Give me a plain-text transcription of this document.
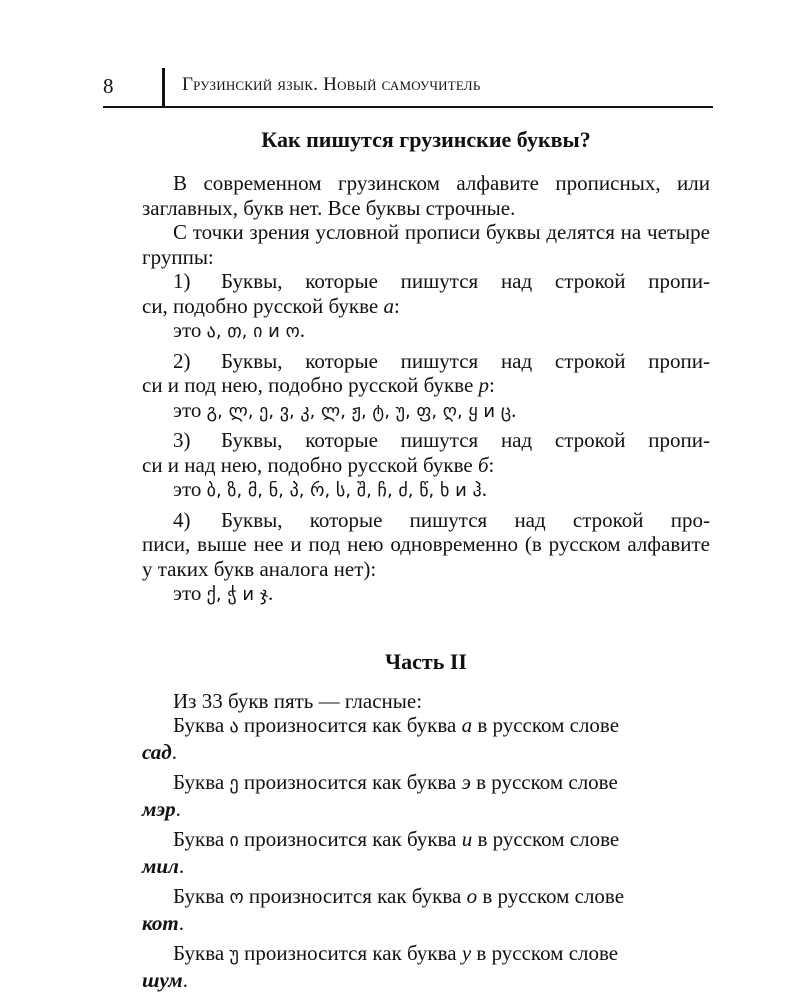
8	Грузинский язык. Новый самоучитель
Как пишутся грузинские буквы?

В современном грузинском алфавите прописных, или заглавных, букв нет. Все буквы строчные.

С точки зрения условной прописи буквы делятся на четыре группы:

1) Буквы, которые пишутся над строкой пропи-

си, подобно русской букве а:

это ა, თ, ი и ო.

2) Буквы, которые пишутся над строкой пропи-

си и под нею, подобно русской букве р:

это გ, ლ, ე, ვ, კ, ლ, ჟ, ტ, უ, ფ, ღ, ყ и ც.

3) Буквы, которые пишутся над строкой пропи-

си и над нею, подобно русской букве б:

это ბ, ზ, მ, ნ, პ, რ, ს, შ, ჩ, ძ, წ, ხ и ჰ.

4) Буквы, которые пишутся над строкой про-

писи, выше нее и под нею одновременно (в русском алфавите у таких букв аналога нет):

это ქ, ჭ и ჯ.

Часть II

Из 33 букв пять — гласные:

Буква ა произносится как буква а в русском слове
сад.

Буква ე произносится как буква э в русском слове
мэр.

Буква ი произносится как буква и в русском слове
мил.

Буква ო произносится как буква о в русском слове
кот.

Буква უ произносится как буква у в русском слове
шум.
